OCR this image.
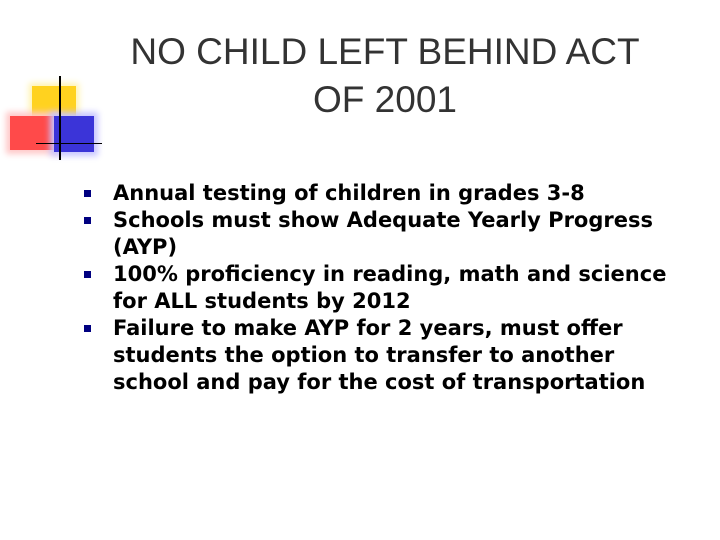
NO CHILD LEFT BEHIND ACT
OF 2001
Annual testing of children in grades 3-8
Schools must show Adequate Yearly Progress (AYP)
100% proficiency in reading, math and science for ALL students by 2012
Failure to make AYP for 2 years, must offer students the option to transfer to another school and pay for the cost of transportation
